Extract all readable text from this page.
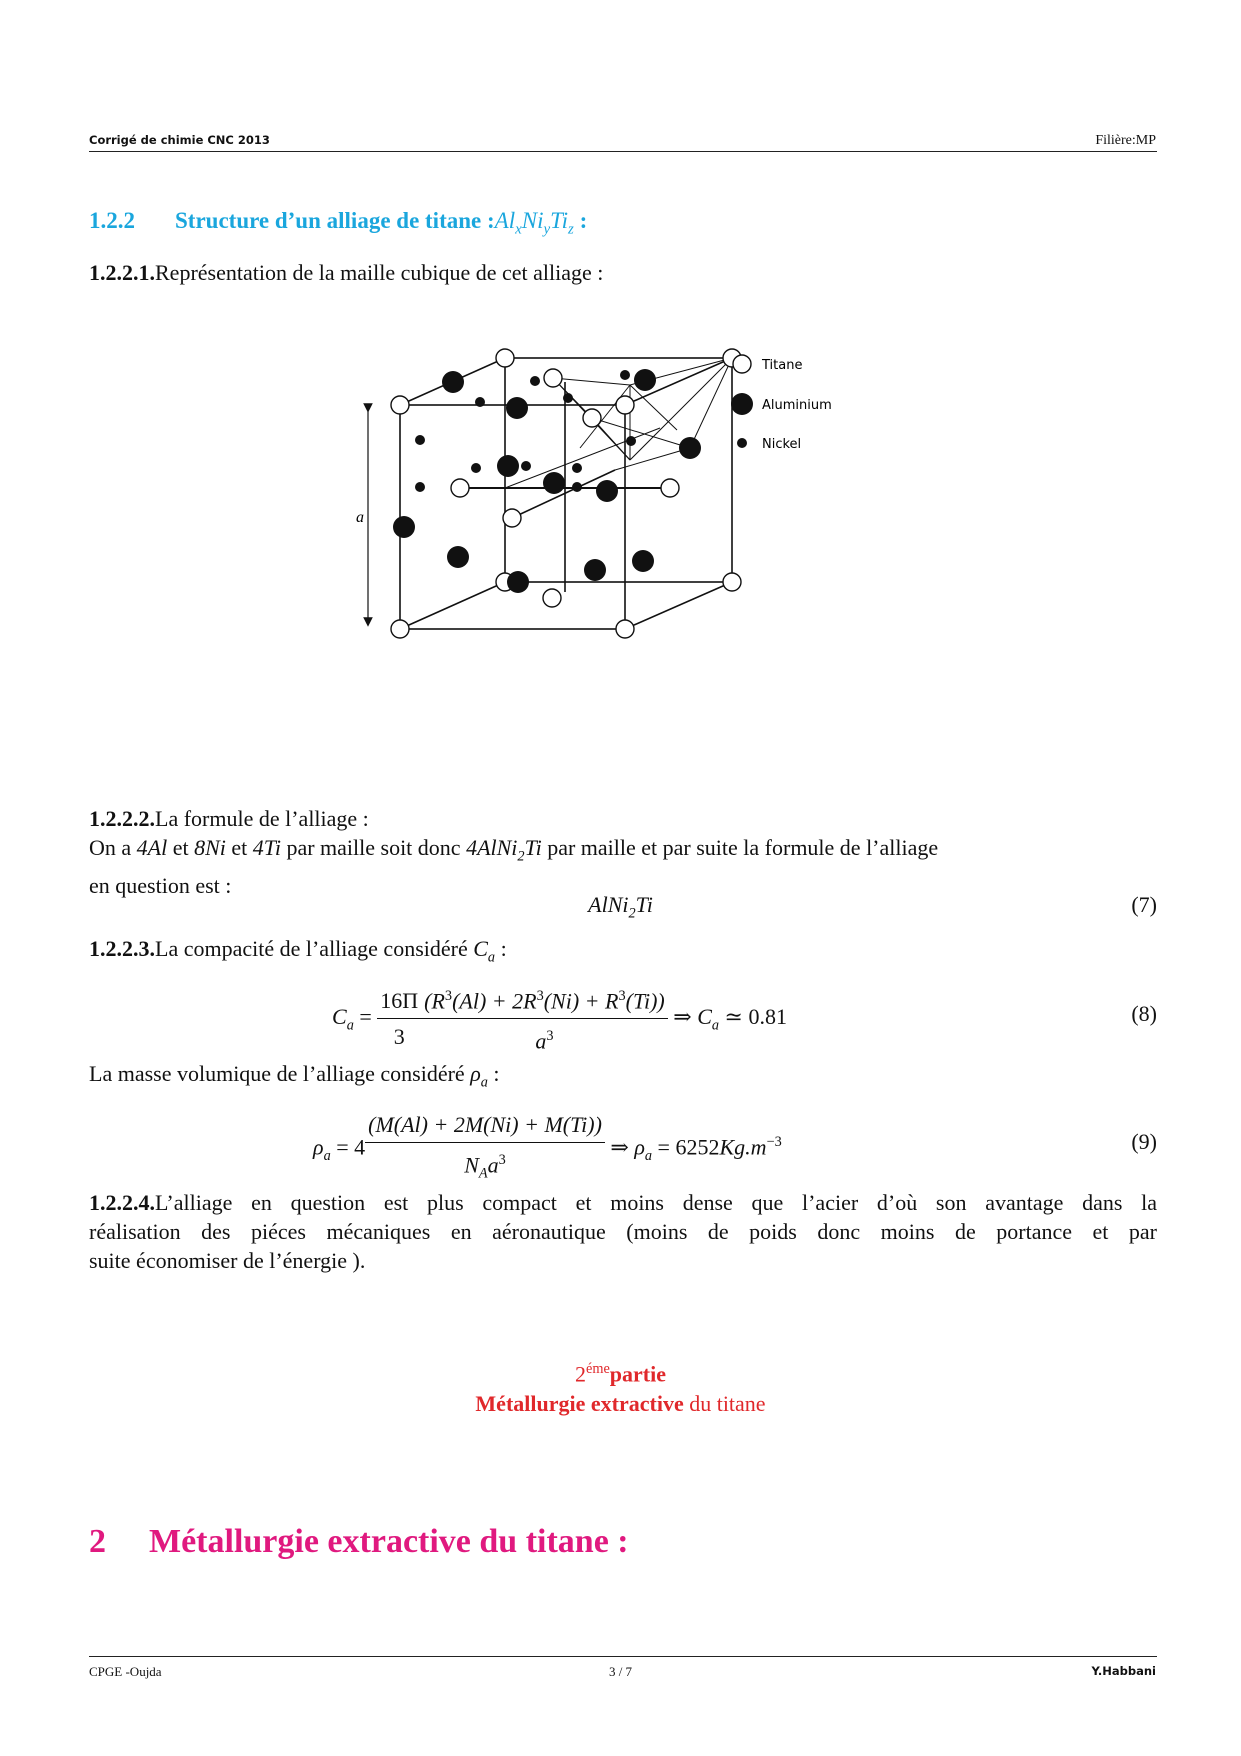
Corrigé de chimie CNC 2013	Filière:MP
1.2.2 Structure d’un alliage de titane $:Al_xNi_yTi_z$ :
1.2.2.1.Représentation de la maille cubique de cet alliage :
a
Titane
Aluminium
Nickel
1.2.2.2.La formule de l’alliage :
On a 4Al et 8Ni et 4Ti par maille soit donc 4AlNi$_2$Ti par maille et par suite la formule de l’alliage
en question est :
AlNi$_2$Ti	(7)
1.2.2.3.La compacité de l’alliage considéré $C_a$ :
$C_a = \frac{16\Pi}{3} \frac{(R^3(Al) + 2R^3(Ni) + R^3(Ti))}{a^3}$ ⇒ $C_a$ ≃ 0.81	(8)
La masse volumique de l’alliage considéré $\rho_a$ :
$\rho_a = 4 \frac{(M(Al) + 2M(Ni) + M(Ti))}{N_Aa^3}$ ⇒ $\rho_a = 6252Kg.m^{-3}$	(9)
1.2.2.4.L’alliage en question est plus compact et moins dense que l’acier d’où son avantage dans la
réalisation des piéces mécaniques en aéronautique (moins de poids donc moins de portance et par
suite économiser de l’énergie ).
$2^{éme}partie$
Métallurgie extractive du titane
2 Métallurgie extractive du titane :
CPGE -Oujda	3 / 7	Y.Habbani
